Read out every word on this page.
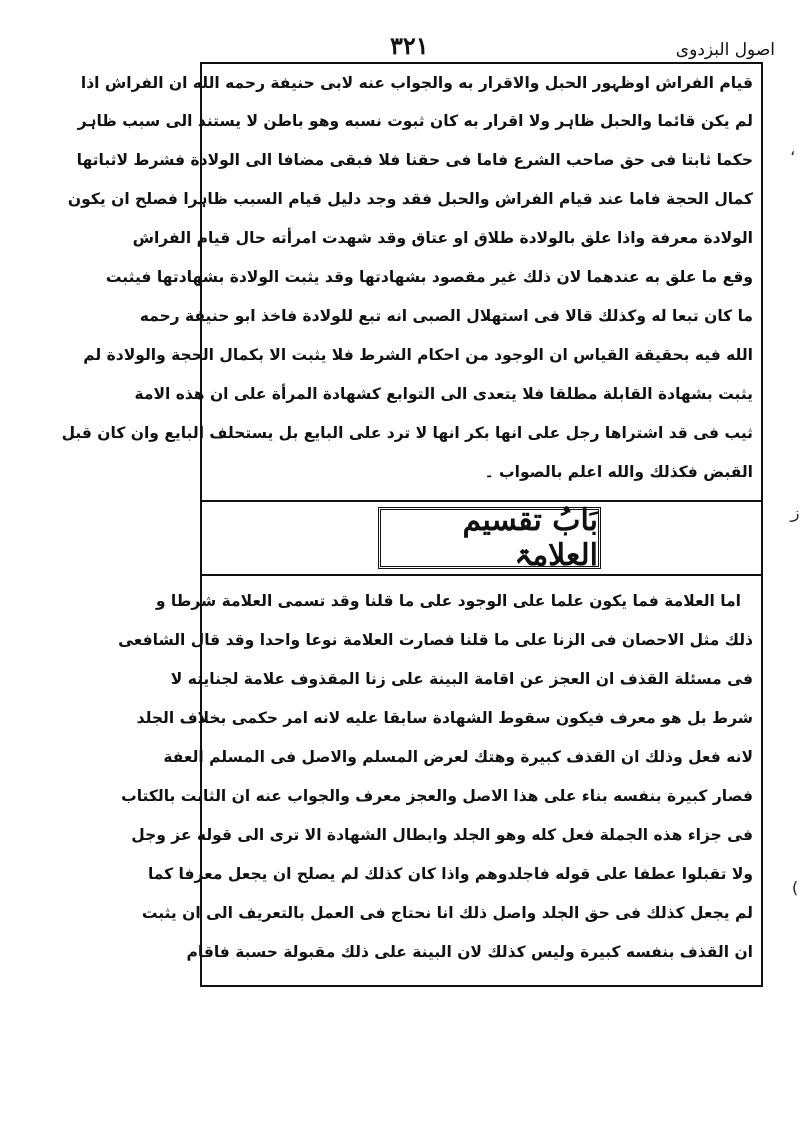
۳۲۱	اصول البزدوی
قیام الفراش اوظہور الحبل والاقرار به والجواب عنه لابی حنیفة رحمه الله ان الفراش اذا
لم یکن قائما والحبل ظاہر ولا اقرار به کان ثبوت نسبه وهو باطن لا یستند الی سبب ظاہر
حکما ثابتا فی حق صاحب الشرع فاما فی حقنا فلا فبقی مضافا الی الولادة فشرط لاثباتها
کمال الحجة فاما عند قیام الفراش والحبل فقد وجد دلیل قیام السبب ظاہرا فصلح ان یکون
الولادة معرفة واذا علق بالولادة طلاق او عتاق وقد شهدت امرأته حال قیام الفراش
وقع ما علق به عندهما لان ذلك غیر مقصود بشهادتها وقد یثبت الولادة بشهادتها فیثبت
ما کان تبعا له وکذلك قالا فی استهلال الصبی انه تبع للولادة فاخذ ابو حنیفة رحمه
الله فیه بحقیقة القیاس ان الوجود من احکام الشرط فلا یثبت الا بکمال الحجة والولادة لم
یثبت بشهادة القابلة مطلقا فلا یتعدی الی التوابع کشهادة المرأة علی ان هذه الامة
ثیب فی قد اشتراها رجل علی انها بکر انها لا ترد علی البایع بل یستحلف البایع وان کان قبل
القبض فکذلك والله اعلم بالصواب ۔
بَابُ تقسیم العلامۃ
اما العلامة فما یکون علما علی الوجود علی ما قلنا وقد تسمی العلامة شرطا و
ذلك مثل الاحصان فی الزنا علی ما قلنا فصارت العلامة نوعا واحدا وقد قال الشافعی
فی مسئلة القذف ان العجز عن اقامة البینة علی زنا المقذوف علامة لجنایته لا
شرط بل هو معرف فیکون سقوط الشهادة سابقا علیه لانه امر حکمی بخلاف الجلد
لانه فعل وذلك ان القذف کبیرة وهتك لعرض المسلم والاصل فی المسلم العفة
فصار کبیرة بنفسه بناء علی هذا الاصل والعجز معرف والجواب عنه ان الثابت بالکتاب
فی جزاء هذه الجملة فعل کله وهو الجلد وابطال الشهادة الا تری الی قوله عز وجل
ولا تقبلوا عطفا علی قوله فاجلدوهم واذا کان کذلك لم یصلح ان یجعل معرفا کما
لم یجعل کذلك فی حق الجلد واصل ذلك انا نحتاج فی العمل بالتعریف الی ان یثبت
ان القذف بنفسه کبیرة ولیس کذلك لان البینة علی ذلك مقبولة حسبة فاقام
،
ز
(
